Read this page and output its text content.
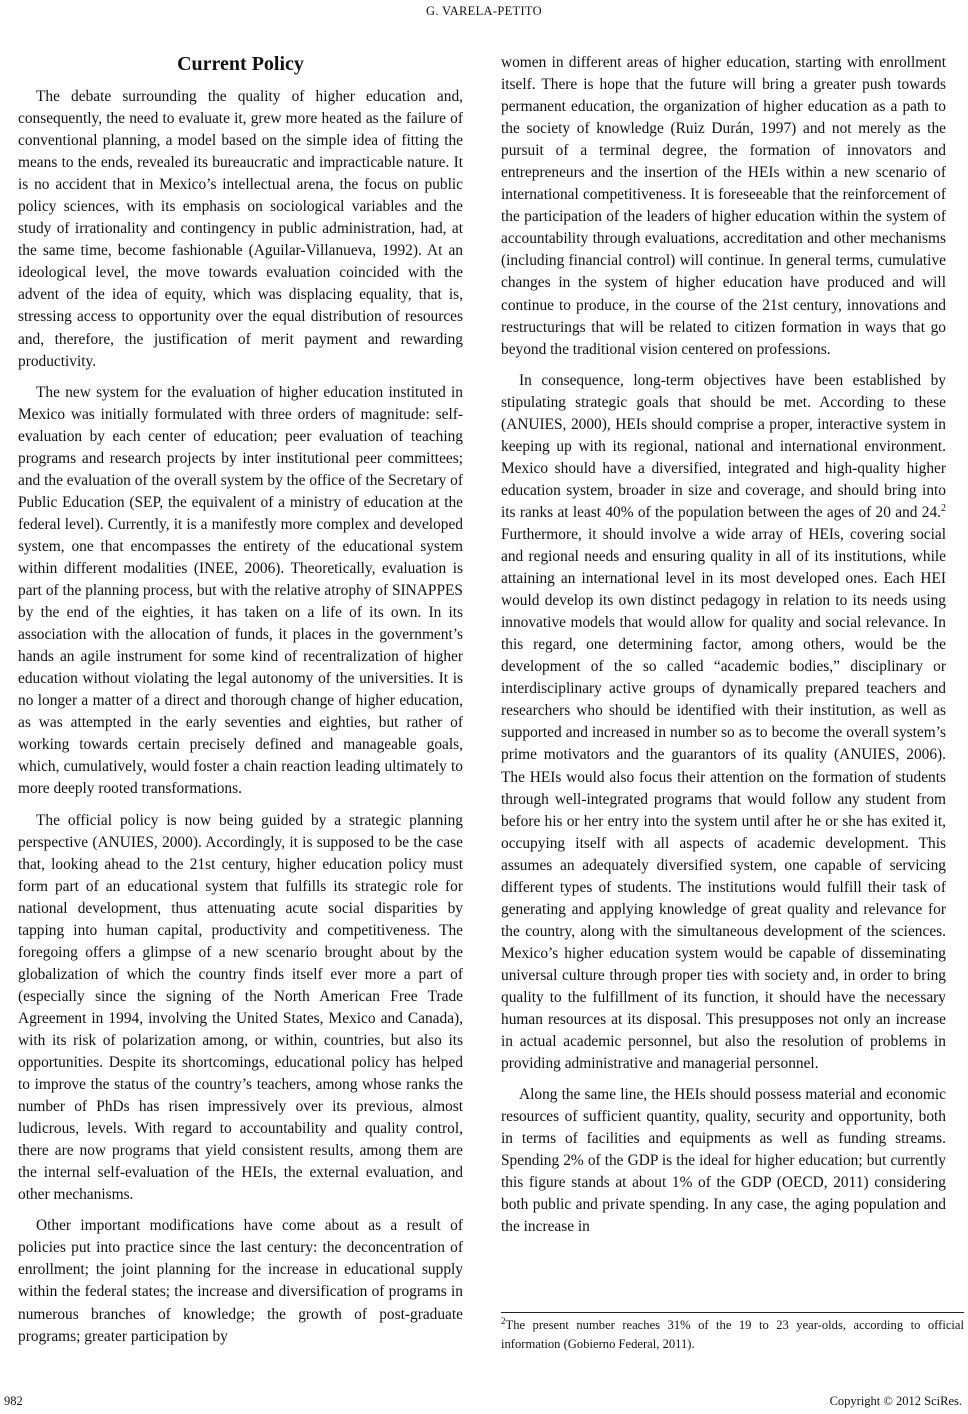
G. VARELA-PETITO
Current Policy

The debate surrounding the quality of higher education and, consequently, the need to evaluate it, grew more heated as the failure of conventional planning, a model based on the simple idea of fitting the means to the ends, revealed its bureaucratic and impracticable nature. It is no accident that in Mexico’s intellectual arena, the focus on public policy sciences, with its emphasis on sociological variables and the study of irrationality and contingency in public administration, had, at the same time, become fashionable (Aguilar-Villanueva, 1992). At an ideological level, the move towards evaluation coincided with the advent of the idea of equity, which was displacing equality, that is, stressing access to opportunity over the equal distribution of resources and, therefore, the justification of merit payment and rewarding productivity.

The new system for the evaluation of higher education instituted in Mexico was initially formulated with three orders of magnitude: self-evaluation by each center of education; peer evaluation of teaching programs and research projects by inter institutional peer committees; and the evaluation of the overall system by the office of the Secretary of Public Education (SEP, the equivalent of a ministry of education at the federal level). Currently, it is a manifestly more complex and developed system, one that encompasses the entirety of the educational system within different modalities (INEE, 2006). Theoretically, evaluation is part of the planning process, but with the relative atrophy of SINAPPES by the end of the eighties, it has taken on a life of its own. In its association with the allocation of funds, it places in the government’s hands an agile instrument for some kind of recentralization of higher education without violating the legal autonomy of the universities. It is no longer a matter of a direct and thorough change of higher education, as was attempted in the early seventies and eighties, but rather of working towards certain precisely defined and manageable goals, which, cumulatively, would foster a chain reaction leading ultimately to more deeply rooted transformations.

The official policy is now being guided by a strategic planning perspective (ANUIES, 2000). Accordingly, it is supposed to be the case that, looking ahead to the 21st century, higher education policy must form part of an educational system that fulfills its strategic role for national development, thus attenuating acute social disparities by tapping into human capital, productivity and competitiveness. The foregoing offers a glimpse of a new scenario brought about by the globalization of which the country finds itself ever more a part of (especially since the signing of the North American Free Trade Agreement in 1994, involving the United States, Mexico and Canada), with its risk of polarization among, or within, countries, but also its opportunities. Despite its shortcomings, educational policy has helped to improve the status of the country’s teachers, among whose ranks the number of PhDs has risen impressively over its previous, almost ludicrous, levels. With regard to accountability and quality control, there are now programs that yield consistent results, among them are the internal self-evaluation of the HEIs, the external evaluation, and other mechanisms.

Other important modifications have come about as a result of policies put into practice since the last century: the deconcentration of enrollment; the joint planning for the increase in educational supply within the federal states; the increase and diversification of programs in numerous branches of knowledge; the growth of post-graduate programs; greater participation by

women in different areas of higher education, starting with enrollment itself. There is hope that the future will bring a greater push towards permanent education, the organization of higher education as a path to the society of knowledge (Ruiz Durán, 1997) and not merely as the pursuit of a terminal degree, the formation of innovators and entrepreneurs and the insertion of the HEIs within a new scenario of international competitiveness. It is foreseeable that the reinforcement of the participation of the leaders of higher education within the system of accountability through evaluations, accreditation and other mechanisms (including financial control) will continue. In general terms, cumulative changes in the system of higher education have produced and will continue to produce, in the course of the 21st century, innovations and restructurings that will be related to citizen formation in ways that go beyond the traditional vision centered on professions.

In consequence, long-term objectives have been established by stipulating strategic goals that should be met. According to these (ANUIES, 2000), HEIs should comprise a proper, interactive system in keeping up with its regional, national and international environment. Mexico should have a diversified, integrated and high-quality higher education system, broader in size and coverage, and should bring into its ranks at least 40% of the population between the ages of 20 and 24.$^2$ Furthermore, it should involve a wide array of HEIs, covering social and regional needs and ensuring quality in all of its institutions, while attaining an international level in its most developed ones. Each HEI would develop its own distinct pedagogy in relation to its needs using innovative models that would allow for quality and social relevance. In this regard, one determining factor, among others, would be the development of the so called “academic bodies,” disciplinary or interdisciplinary active groups of dynamically prepared teachers and researchers who should be identified with their institution, as well as supported and increased in number so as to become the overall system’s prime motivators and the guarantors of its quality (ANUIES, 2006). The HEIs would also focus their attention on the formation of students through well-integrated programs that would follow any student from before his or her entry into the system until after he or she has exited it, occupying itself with all aspects of academic development. This assumes an adequately diversified system, one capable of servicing different types of students. The institutions would fulfill their task of generating and applying knowledge of great quality and relevance for the country, along with the simultaneous development of the sciences. Mexico’s higher education system would be capable of disseminating universal culture through proper ties with society and, in order to bring quality to the fulfillment of its function, it should have the necessary human resources at its disposal. This presupposes not only an increase in actual academic personnel, but also the resolution of problems in providing administrative and managerial personnel.

Along the same line, the HEIs should possess material and economic resources of sufficient quantity, quality, security and opportunity, both in terms of facilities and equipments as well as funding streams. Spending 2% of the GDP is the ideal for higher education; but currently this figure stands at about 1% of the GDP (OECD, 2011) considering both public and private spending. In any case, the aging population and the increase in

$^2$The present number reaches 31% of the 19 to 23 year-olds, according to official information (Gobierno Federal, 2011).
982	Copyright © 2012 SciRes.
